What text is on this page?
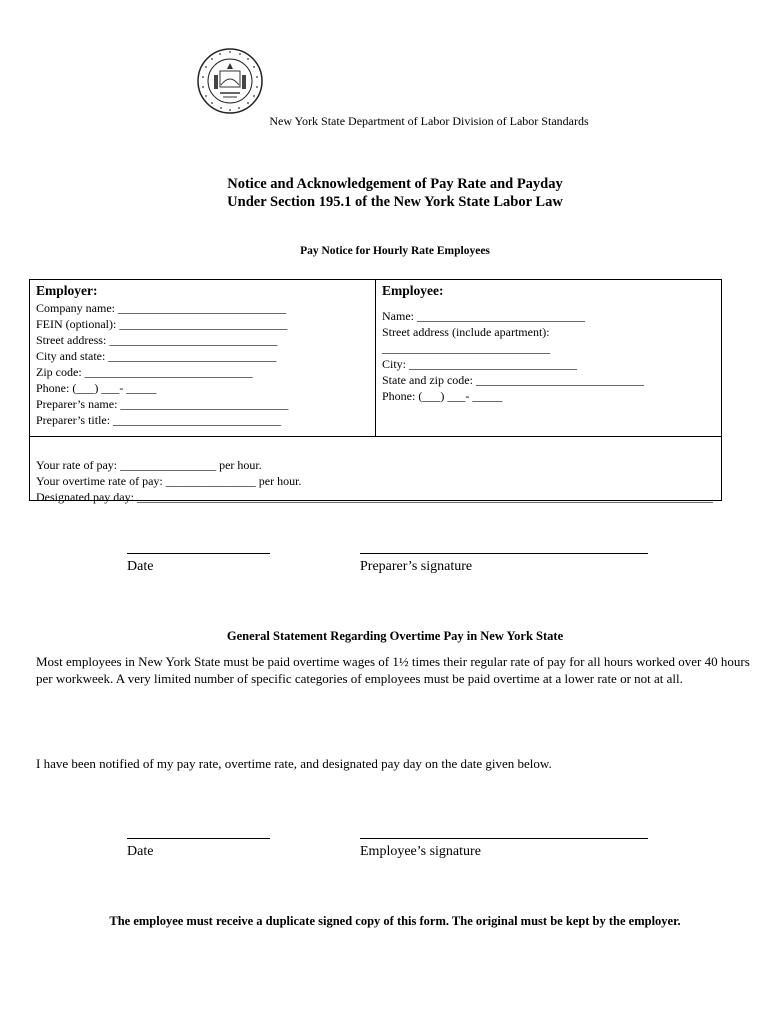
New York State Department of Labor Division of Labor Standards
Notice and Acknowledgement of Pay Rate and Payday
Under Section 195.1 of the New York State Labor Law
Pay Notice for Hourly Rate Employees
Employer:
Company name: ____________________________
FEIN (optional): ____________________________
Street address: ____________________________
City and state: ____________________________
Zip code: ____________________________
Phone: (___) ___- _____
Preparer’s name: ____________________________
Preparer’s title: ____________________________
Employee:
Name: ____________________________
Street address (include apartment):
____________________________
City: ____________________________
State and zip code: ____________________________
Phone: (___) ___- _____
Your rate of pay: ________________ per hour.
Your overtime rate of pay: _______________ per hour.
Designated pay day: ________________________________________________________________________________________________
Date	Preparer’s signature
General Statement Regarding Overtime Pay in New York State
Most employees in New York State must be paid overtime wages of 1½ times their regular rate of pay for all hours worked over 40 hours per workweek. A very limited number of specific categories of employees must be paid overtime at a lower rate or not at all.
I have been notified of my pay rate, overtime rate, and designated pay day on the date given below.
Date	Employee’s signature
The employee must receive a duplicate signed copy of this form. The original must be kept by the employer.
